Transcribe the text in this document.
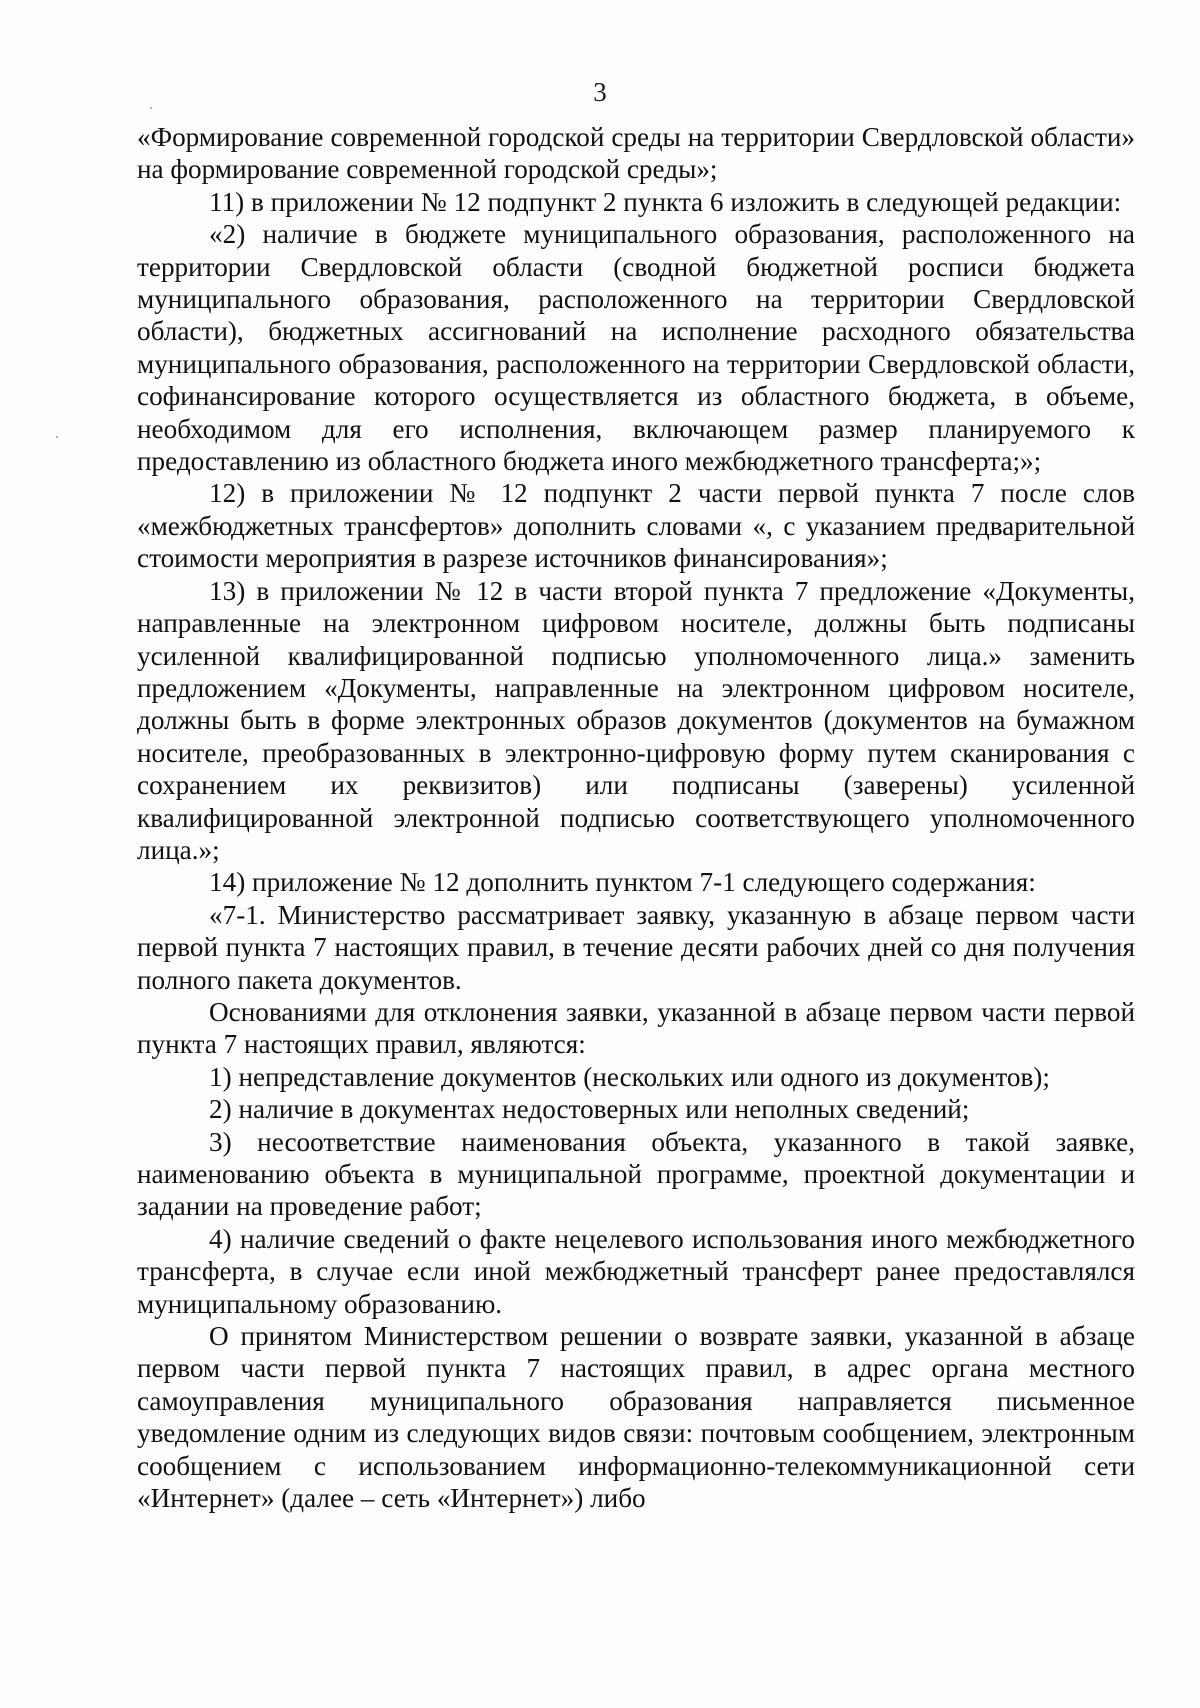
3

«Формирование современной городской среды на территории Свердловской области» на формирование современной городской среды»;

11) в приложении № 12 подпункт 2 пункта 6 изложить в следующей редакции:

«2) наличие в бюджете муниципального образования, расположенного на территории Свердловской области (сводной бюджетной росписи бюджета муниципального образования, расположенного на территории Свердловской области), бюджетных ассигнований на исполнение расходного обязательства муниципального образования, расположенного на территории Свердловской области, софинансирование которого осуществляется из областного бюджета, в объеме, необходимом для его исполнения, включающем размер планируемого к предоставлению из областного бюджета иного межбюджетного трансферта;»;

12) в приложении № 12 подпункт 2 части первой пункта 7 после слов «межбюджетных трансфертов» дополнить словами «, с указанием предварительной стоимости мероприятия в разрезе источников финансирования»;

13) в приложении № 12 в части второй пункта 7 предложение «Документы, направленные на электронном цифровом носителе, должны быть подписаны усиленной квалифицированной подписью уполномоченного лица.» заменить предложением «Документы, направленные на электронном цифровом носителе, должны быть в форме электронных образов документов (документов на бумажном носителе, преобразованных в электронно-цифровую форму путем сканирования с сохранением их реквизитов) или подписаны (заверены) усиленной квалифицированной электронной подписью соответствующего уполномоченного лица.»;

14) приложение № 12 дополнить пунктом 7-1 следующего содержания:

«7-1. Министерство рассматривает заявку, указанную в абзаце первом части первой пункта 7 настоящих правил, в течение десяти рабочих дней со дня получения полного пакета документов.

Основаниями для отклонения заявки, указанной в абзаце первом части первой пункта 7 настоящих правил, являются:

1) непредставление документов (нескольких или одного из документов);

2) наличие в документах недостоверных или неполных сведений;

3) несоответствие наименования объекта, указанного в такой заявке, наименованию объекта в муниципальной программе, проектной документации и задании на проведение работ;

4) наличие сведений о факте нецелевого использования иного межбюджетного трансферта, в случае если иной межбюджетный трансферт ранее предоставлялся муниципальному образованию.

О принятом Министерством решении о возврате заявки, указанной в абзаце первом части первой пункта 7 настоящих правил, в адрес органа местного самоуправления муниципального образования направляется письменное уведомление одним из следующих видов связи: почтовым сообщением, электронным сообщением с использованием информационно-телекоммуникационной сети «Интернет» (далее – сеть «Интернет») либо
